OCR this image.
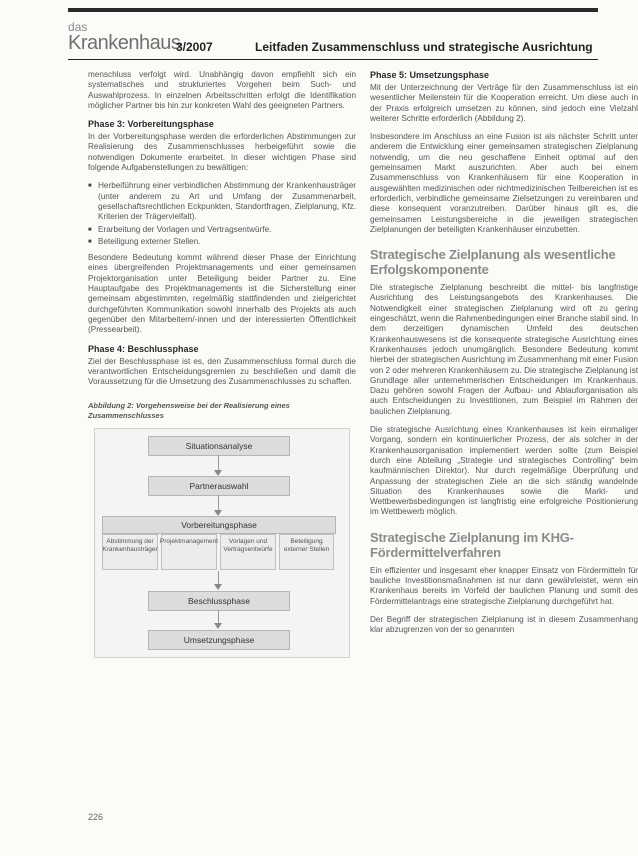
das
Krankenhaus
3/2007	Leitfaden Zusammenschluss und strategische Ausrichtung

menschluss verfolgt wird. Unabhängig davon empfiehlt sich ein systematisches und strukturiertes Vorgehen beim Such- und Auswahlprozess. In einzelnen Arbeitsschritten erfolgt die Identifikation möglicher Partner bis hin zur konkreten Wahl des geeigneten Partners.

Phase 3: Vorbereitungsphase

In der Vorbereitungsphase werden die erforderlichen Abstimmungen zur Realisierung des Zusammenschlusses herbeigeführt sowie die notwendigen Dokumente erarbeitet. In dieser wichtigen Phase sind folgende Aufgabenstellungen zu bewältigen:

■ Herbeiführung einer verbindlichen Abstimmung der Krankenhausträger (unter anderem zu Art und Umfang der Zusammenarbeit, gesellschaftsrechtlichen Eckpunkten, Standortfragen, Zielplanung, Kfz. Kriterien der Trägervielfalt).
■ Erarbeitung der Vorlagen und Vertragsentwürfe.
■ Beteiligung externer Stellen.

Besondere Bedeutung kommt während dieser Phase der Einrichtung eines übergreifenden Projektmanagements und einer gemeinsamen Projektorganisation unter Beteiligung beider Partner zu. Eine Hauptaufgabe des Projektmanagements ist die Sicherstellung einer gemeinsam abgestimmten, regelmäßig stattfindenden und zielgerichtet durchgeführten Kommunikation sowohl innerhalb des Projekts als auch gegenüber den Mitarbeitern/-innen und der interessierten Öffentlichkeit (Pressearbeit).

Phase 4: Beschlussphase

Ziel der Beschlussphase ist es, den Zusammenschluss formal durch die verantwortlichen Entscheidungsgremien zu beschließen und damit die Voraussetzung für die Umsetzung des Zusammenschlusses zu schaffen.

Abbildung 2: Vorgehensweise bei der Realisierung eines Zusammenschlusses
Situationsanalyse
Partnerauswahl
Vorbereitungsphase
Abstimmung der Krankenhausträger
Projektmanagement	Vorlagen und Vertragsentwürfe
Beteiligung externer Stellen
Beschlussphase
Umsetzungsphase
Phase 5: Umsetzungsphase

Mit der Unterzeichnung der Verträge für den Zusammenschluss ist ein wesentlicher Meilenstein für die Kooperation erreicht. Um diese auch in der Praxis erfolgreich umsetzen zu können, sind jedoch eine Vielzahl weiterer Schritte erforderlich (Abbildung 2).

Insbesondere im Anschluss an eine Fusion ist als nächster Schritt unter anderem die Entwicklung einer gemeinsamen strategischen Zielplanung notwendig, um die neu geschaffene Einheit optimal auf den gemeinsamen Markt auszurichten. Aber auch bei einem Zusammenschluss von Krankenhäusern für eine Kooperation in ausgewählten medizinischen oder nichtmedizinischen Teilbereichen ist es erforderlich, verbindliche gemeinsame Zielsetzungen zu vereinbaren und diese konsequent voranzutreiben. Darüber hinaus gilt es, die gemeinsamen Leistungsbereiche in die jeweiligen strategischen Zielplanungen der beteiligten Krankenhäuser einzubetten.

Strategische Zielplanung als wesentliche Erfolgskomponente

Die strategische Zielplanung beschreibt die mittel- bis langfristige Ausrichtung des Leistungsangebots des Krankenhauses. Die Notwendigkeit einer strategischen Zielplanung wird oft zu gering eingeschätzt, wenn die Rahmenbedingungen einer Branche stabil sind. In dem derzeitigen dynamischen Umfeld des deutschen Krankenhauswesens ist die konsequente strategische Ausrichtung eines Krankenhauses jedoch unumgänglich. Besondere Bedeutung kommt hierbei der strategischen Ausrichtung im Zusammenhang mit einer Fusion von 2 oder mehreren Krankenhäusern zu. Die strategische Zielplanung ist Grundlage aller unternehmerischen Entscheidungen im Krankenhaus. Dazu gehören sowohl Fragen der Aufbau- und Ablauforganisation als auch Entscheidungen zu Investitionen, zum Beispiel im Rahmen der baulichen Zielplanung.

Die strategische Ausrichtung eines Krankenhauses ist kein einmaliger Vorgang, sondern ein kontinuierlicher Prozess, der als solcher in der Krankenhausorganisation implementiert werden sollte (zum Beispiel durch eine Abteilung „Strategie und strategisches Controlling“ beim kaufmännischen Direktor). Nur durch regelmäßige Überprüfung und Anpassung der strategischen Ziele an die sich ständig wandelnde Situation des Krankenhauses sowie die Markt- und Wettbewerbsbedingungen ist langfristig eine erfolgreiche Positionierung im Wettbewerb möglich.

Strategische Zielplanung im KHG-Fördermittelverfahren

Ein effizienter und insgesamt eher knapper Einsatz von Fördermitteln für bauliche Investitionsmaßnahmen ist nur dann gewährleistet, wenn ein Krankenhaus bereits im Vorfeld der baulichen Planung und somit des Fördermittelantrags eine strategische Zielplanung durchgeführt hat.

Der Begriff der strategischen Zielplanung ist in diesem Zusammenhang klar abzugrenzen von der so genannten

226
